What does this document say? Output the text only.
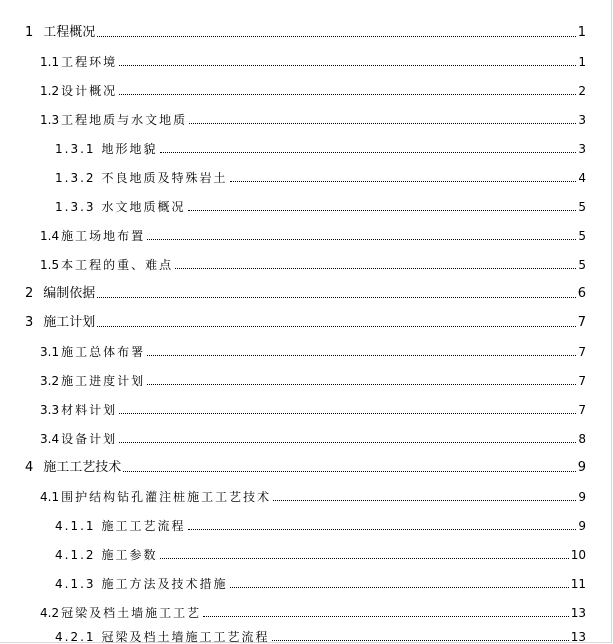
1 工程概况	1
1.1 工程环境	1
1.2 设计概况	2
1.3 工程地质与水文地质	3
1.3.1 地形地貌	3
1.3.2 不良地质及特殊岩土	4
1.3.3 水文地质概况	5
1.4 施工场地布置	5
1.5 本工程的重、难点	5
2 编制依据	6
3 施工计划	7
3.1 施工总体布署	7
3.2 施工进度计划	7
3.3 材料计划	7
3.4 设备计划	8
4 施工工艺技术	9
4.1 围护结构钻孔灌注桩施工工艺技术	9
4.1.1 施工工艺流程	9
4.1.2 施工参数	10
4.1.3 施工方法及技术措施	11
4.2 冠梁及档土墙施工工艺	13
4.2.1 冠梁及档土墙施工工艺流程	13
